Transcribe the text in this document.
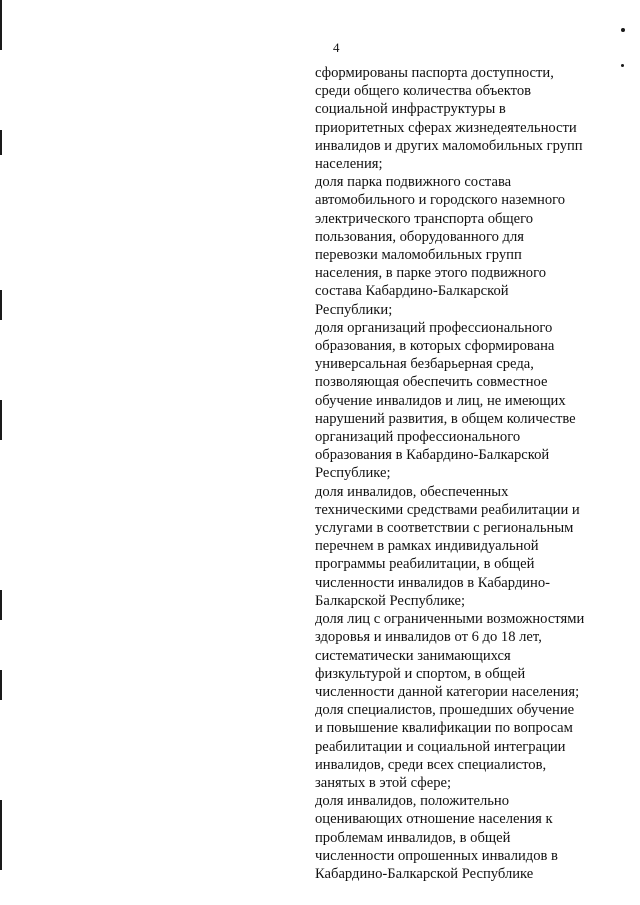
4
сформированы паспорта доступности,
среди общего количества объектов
социальной инфраструктуры в
приоритетных сферах жизнедеятельности
инвалидов и других маломобильных групп
населения;
доля парка подвижного состава
автомобильного и городского наземного
электрического транспорта общего
пользования, оборудованного для
перевозки маломобильных групп
населения, в парке этого подвижного
состава Кабардино-Балкарской
Республики;
доля организаций профессионального
образования, в которых сформирована
универсальная безбарьерная среда,
позволяющая обеспечить совместное
обучение инвалидов и лиц, не имеющих
нарушений развития, в общем количестве
организаций профессионального
образования в Кабардино-Балкарской
Республике;
доля инвалидов, обеспеченных
техническими средствами реабилитации и
услугами в соответствии с региональным
перечнем в рамках индивидуальной
программы реабилитации, в общей
численности инвалидов в Кабардино-
Балкарской Республике;
доля лиц с ограниченными возможностями
здоровья и инвалидов от 6 до 18 лет,
систематически занимающихся
физкультурой и спортом, в общей
численности данной категории населения;
доля специалистов, прошедших обучение
и повышение квалификации по вопросам
реабилитации и социальной интеграции
инвалидов, среди всех специалистов,
занятых в этой сфере;
доля инвалидов, положительно
оценивающих отношение населения к
проблемам инвалидов, в общей
численности опрошенных инвалидов в
Кабардино-Балкарской Республике
